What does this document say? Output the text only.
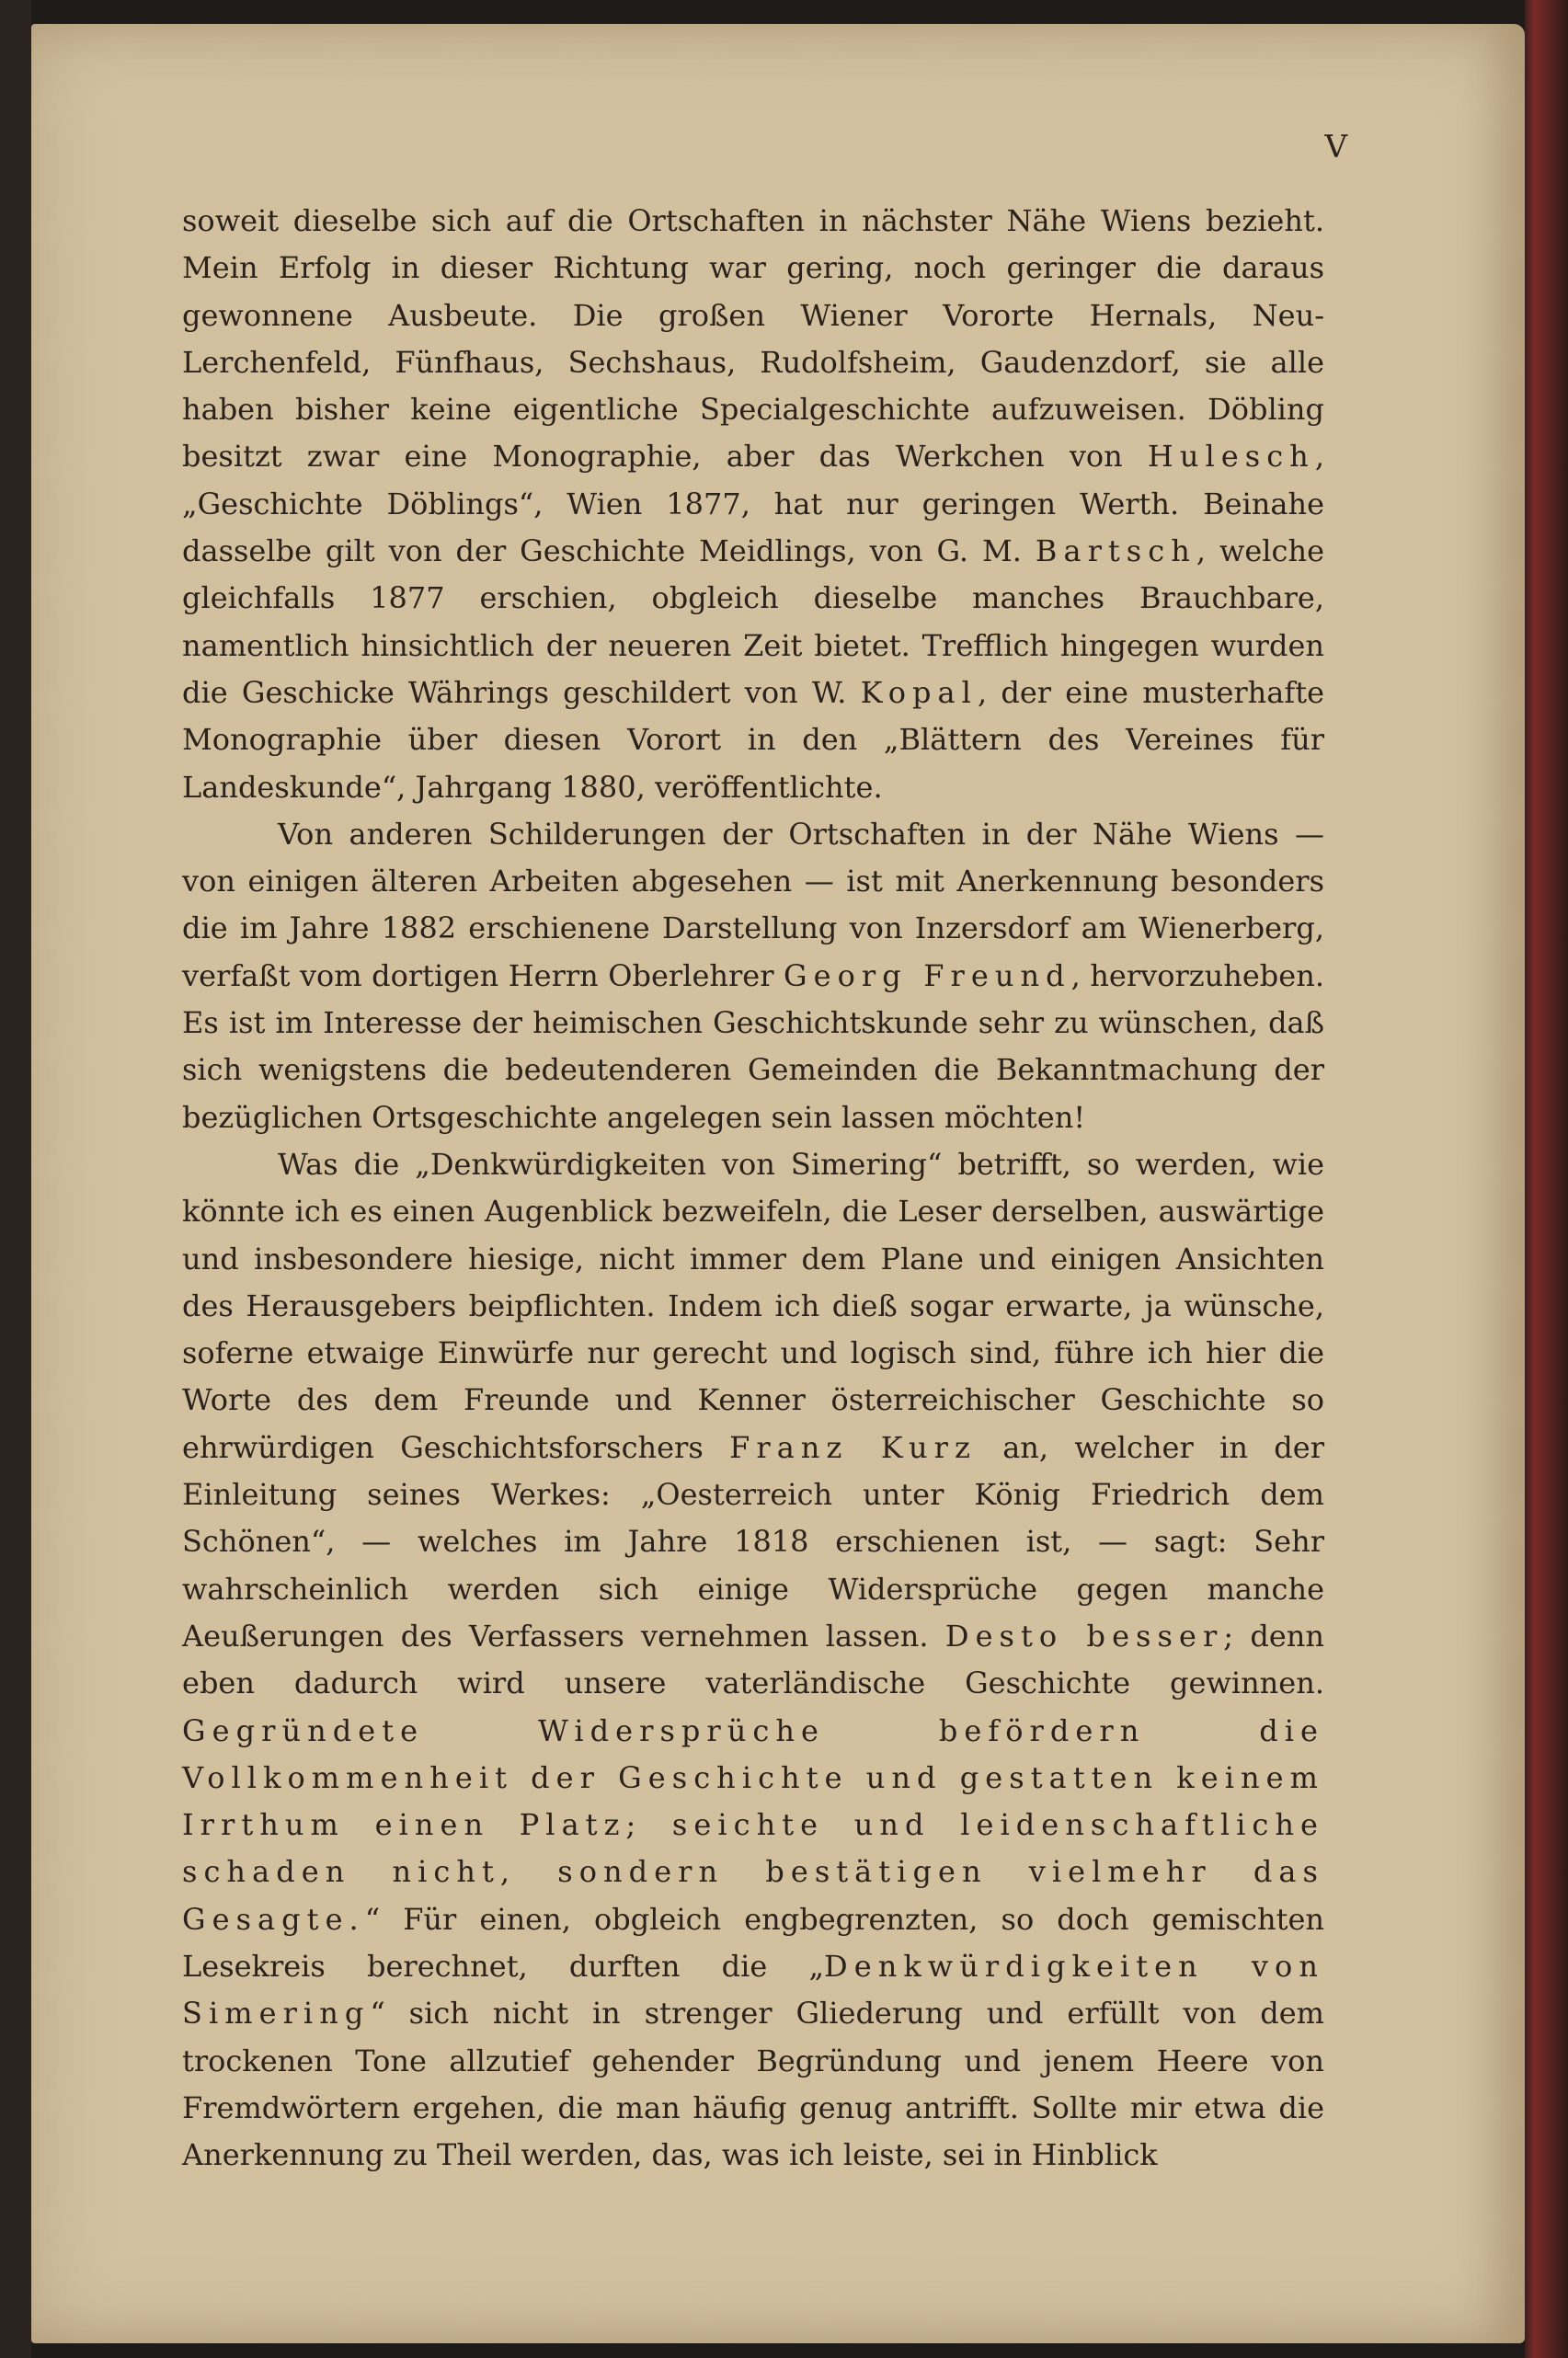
V

soweit dieselbe sich auf die Ortschaften in nächster Nähe Wiens bezieht. Mein Erfolg in dieser Richtung war gering, noch geringer die daraus gewonnene Ausbeute. Die großen Wiener Vororte Hernals, Neu-Lerchenfeld, Fünfhaus, Sechshaus, Rudolfsheim, Gaudenzdorf, sie alle haben bisher keine eigentliche Specialgeschichte aufzuweisen. Döbling besitzt zwar eine Monographie, aber das Werkchen von Hulesch, „Geschichte Döblings“, Wien 1877, hat nur geringen Werth. Beinahe dasselbe gilt von der Geschichte Meidlings, von G. M. Bartsch, welche gleichfalls 1877 erschien, obgleich dieselbe manches Brauchbare, namentlich hinsichtlich der neueren Zeit bietet. Trefflich hingegen wurden die Geschicke Währings geschildert von W. Kopal, der eine musterhafte Monographie über diesen Vorort in den „Blättern des Vereines für Landeskunde“, Jahrgang 1880, veröffentlichte.

Von anderen Schilderungen der Ortschaften in der Nähe Wiens — von einigen älteren Arbeiten abgesehen — ist mit Anerkennung besonders die im Jahre 1882 erschienene Darstellung von Inzersdorf am Wienerberg, verfaßt vom dortigen Herrn Oberlehrer Georg Freund, hervorzuheben. Es ist im Interesse der heimischen Geschichtskunde sehr zu wünschen, daß sich wenigstens die bedeutenderen Gemeinden die Bekanntmachung der bezüglichen Ortsgeschichte angelegen sein lassen möchten!

Was die „Denkwürdigkeiten von Simering“ betrifft, so werden, wie könnte ich es einen Augenblick bezweifeln, die Leser derselben, auswärtige und insbesondere hiesige, nicht immer dem Plane und einigen Ansichten des Herausgebers beipflichten. Indem ich dieß sogar erwarte, ja wünsche, soferne etwaige Einwürfe nur gerecht und logisch sind, führe ich hier die Worte des dem Freunde und Kenner österreichischer Geschichte so ehrwürdigen Geschichtsforschers Franz Kurz an, welcher in der Einleitung seines Werkes: „Oesterreich unter König Friedrich dem Schönen“, — welches im Jahre 1818 erschienen ist, — sagt: Sehr wahrscheinlich werden sich einige Widersprüche gegen manche Aeußerungen des Verfassers vernehmen lassen. Desto besser; denn eben dadurch wird unsere vaterländische Geschichte gewinnen. Gegründete Widersprüche befördern die Vollkommenheit der Geschichte und gestatten keinem Irrthum einen Platz; seichte und leidenschaftliche schaden nicht, sondern bestätigen vielmehr das Gesagte.“ Für einen, obgleich engbegrenzten, so doch gemischten Lesekreis berechnet, durften die „Denkwürdigkeiten von Simering“ sich nicht in strenger Gliederung und erfüllt von dem trockenen Tone allzutief gehender Begründung und jenem Heere von Fremdwörtern ergehen, die man häufig genug antrifft. Sollte mir etwa die Anerkennung zu Theil werden, das, was ich leiste, sei in Hinblick
